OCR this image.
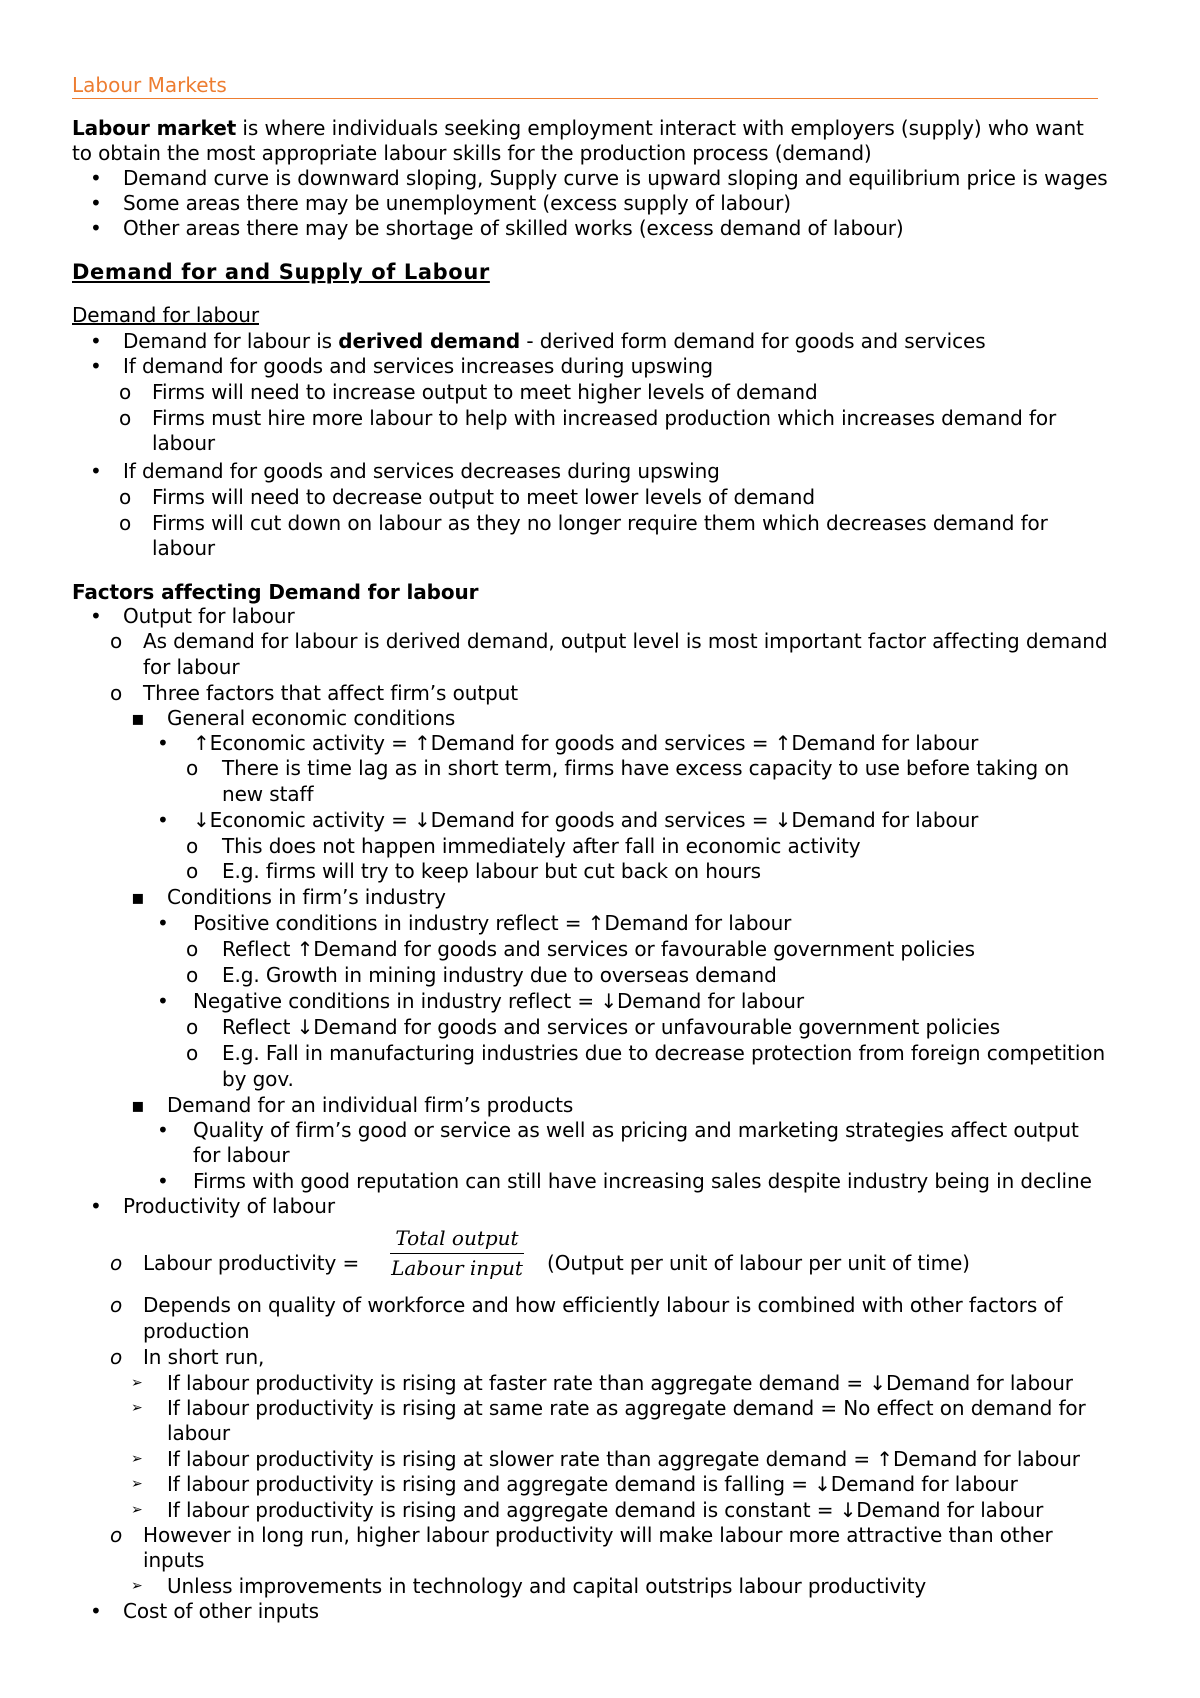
Labour Markets
Labour market is where individuals seeking employment interact with employers (supply) who want
to obtain the most appropriate labour skills for the production process (demand)
• Demand curve is downward sloping, Supply curve is upward sloping and equilibrium price is wages
• Some areas there may be unemployment (excess supply of labour)
• Other areas there may be shortage of skilled works (excess demand of labour)
Demand for and Supply of Labour
Demand for labour
• Demand for labour is derived demand - derived form demand for goods and services
• If demand for goods and services increases during upswing
o Firms will need to increase output to meet higher levels of demand
o Firms must hire more labour to help with increased production which increases demand for
labour
• If demand for goods and services decreases during upswing
o Firms will need to decrease output to meet lower levels of demand
o Firms will cut down on labour as they no longer require them which decreases demand for
labour
Factors affecting Demand for labour
• Output for labour
o As demand for labour is derived demand, output level is most important factor affecting demand
for labour
o Three factors that affect firm’s output
▪ General economic conditions
• ↑Economic activity = ↑Demand for goods and services = ↑Demand for labour
o There is time lag as in short term, firms have excess capacity to use before taking on
new staff
• ↓Economic activity = ↓Demand for goods and services = ↓Demand for labour
o This does not happen immediately after fall in economic activity
o E.g. firms will try to keep labour but cut back on hours
▪ Conditions in firm’s industry
• Positive conditions in industry reflect = ↑Demand for labour
o Reflect ↑Demand for goods and services or favourable government policies
o E.g. Growth in mining industry due to overseas demand
• Negative conditions in industry reflect = ↓Demand for labour
o Reflect ↓Demand for goods and services or unfavourable government policies
o E.g. Fall in manufacturing industries due to decrease protection from foreign competition
by gov.
▪ Demand for an individual firm’s products
• Quality of firm’s good or service as well as pricing and marketing strategies affect output
for labour
• Firms with good reputation can still have increasing sales despite industry being in decline
• Productivity of labour
o Labour productivity =
Total output
Labour input	(Output per unit of labour per unit of time)
o Depends on quality of workforce and how efficiently labour is combined with other factors of
production
o In short run,
➢ If labour productivity is rising at faster rate than aggregate demand = ↓Demand for labour
➢ If labour productivity is rising at same rate as aggregate demand = No effect on demand for
labour
➢ If labour productivity is rising at slower rate than aggregate demand = ↑Demand for labour
➢ If labour productivity is rising and aggregate demand is falling = ↓Demand for labour
➢ If labour productivity is rising and aggregate demand is constant = ↓Demand for labour
o However in long run, higher labour productivity will make labour more attractive than other
inputs
➢ Unless improvements in technology and capital outstrips labour productivity
• Cost of other inputs
